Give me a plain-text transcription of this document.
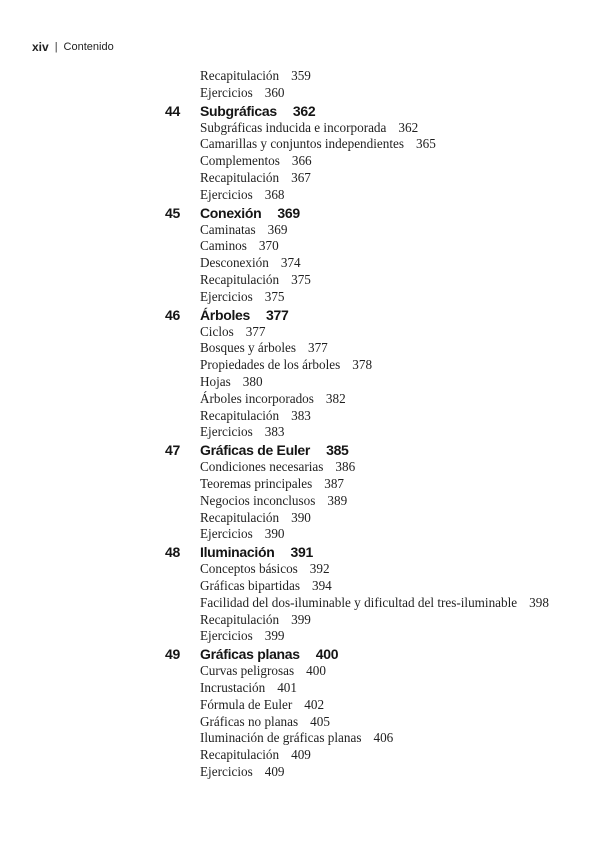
xiv | Contenido
Recapitulación 359
Ejercicios 360
44 Subgráficas 362
Subgráficas inducida e incorporada 362
Camarillas y conjuntos independientes 365
Complementos 366
Recapitulación 367
Ejercicios 368
45 Conexión 369
Caminatas 369
Caminos 370
Desconexión 374
Recapitulación 375
Ejercicios 375
46 Árboles 377
Ciclos 377
Bosques y árboles 377
Propiedades de los árboles 378
Hojas 380
Árboles incorporados 382
Recapitulación 383
Ejercicios 383
47 Gráficas de Euler 385
Condiciones necesarias 386
Teoremas principales 387
Negocios inconclusos 389
Recapitulación 390
Ejercicios 390
48 Iluminación 391
Conceptos básicos 392
Gráficas bipartidas 394
Facilidad del dos-iluminable y dificultad del tres-iluminable 398
Recapitulación 399
Ejercicios 399
49 Gráficas planas 400
Curvas peligrosas 400
Incrustación 401
Fórmula de Euler 402
Gráficas no planas 405
Iluminación de gráficas planas 406
Recapitulación 409
Ejercicios 409
